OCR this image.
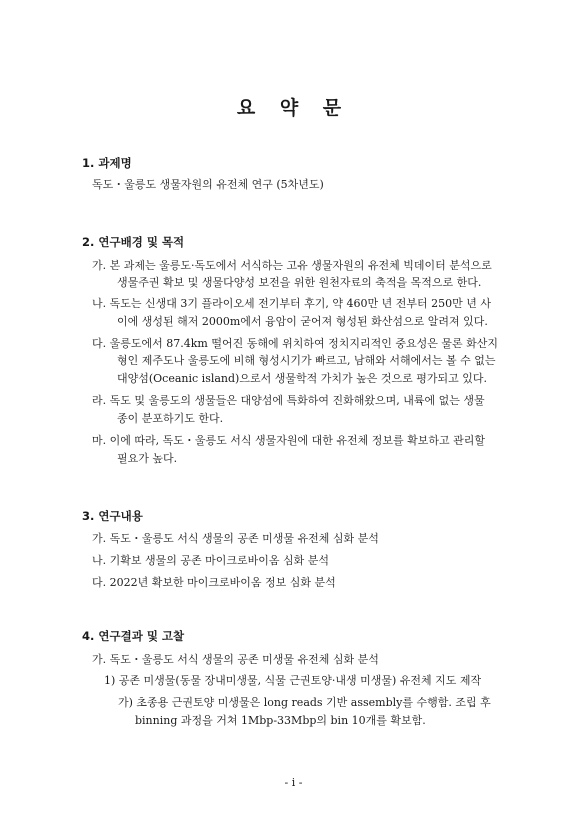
요 약 문
1. 과제명
독도・울릉도 생물자원의 유전체 연구 (5차년도)
2. 연구배경 및 목적
가. 본 과제는 울릉도·독도에서 서식하는 고유 생물자원의 유전체 빅데이터 분석으로
생물주권 확보 및 생물다양성 보전을 위한 원천자료의 축적을 목적으로 한다.
나. 독도는 신생대 3기 플라이오세 전기부터 후기, 약 460만 년 전부터 250만 년 사
이에 생성된 해저 2000m에서 융암이 굳어져 형성된 화산섬으로 알려져 있다.
다. 울릉도에서 87.4km 떨어진 동해에 위치하여 정치지리적인 중요성은 물론 화산지
형인 제주도나 울릉도에 비해 형성시기가 빠르고, 남해와 서해에서는 볼 수 없는
대양섬(Oceanic island)으로서 생물학적 가치가 높은 것으로 평가되고 있다.
라. 독도 및 울릉도의 생물들은 대양섬에 특화하여 진화해왔으며, 내륙에 없는 생물
종이 분포하기도 한다.
마. 이에 따라, 독도・울릉도 서식 생물자원에 대한 유전체 정보를 확보하고 관리할
필요가 높다.
3. 연구내용
가. 독도・울릉도 서식 생물의 공존 미생물 유전체 심화 분석
나. 기확보 생물의 공존 마이크로바이옴 심화 분석
다. 2022년 확보한 마이크로바이옴 정보 심화 분석
4. 연구결과 및 고찰
가. 독도・울릉도 서식 생물의 공존 미생물 유전체 심화 분석
1) 공존 미생물(동물 장내미생물, 식물 근권토양·내생 미생물) 유전체 지도 제작
가) 초종용 근권토양 미생물은 long reads 기반 assembly를 수행함. 조립 후
binning 과정을 거쳐 1Mbp-33Mbp의 bin 10개를 확보함.
- i -
